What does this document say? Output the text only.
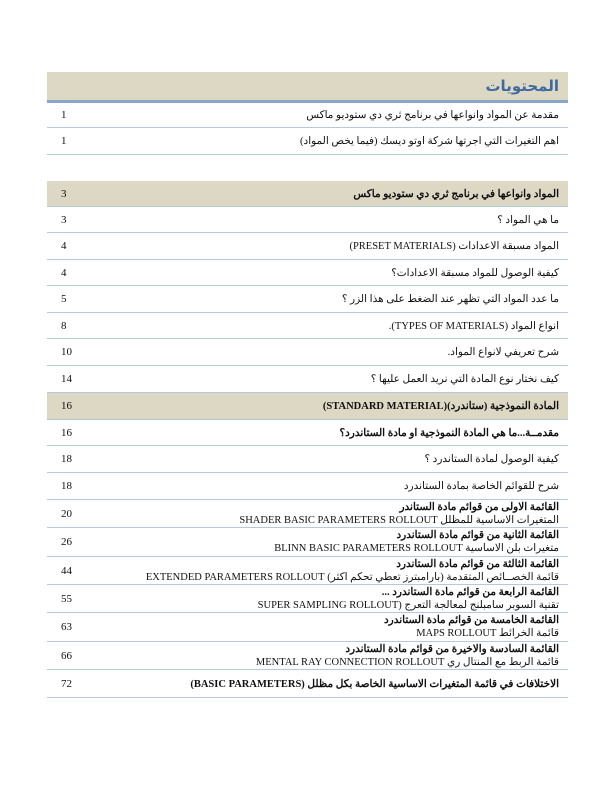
المحتويات
مقدمة عن المواد وانواعها في برنامج ثري دي ستوديو ماكس
1
اهم التغيرات التي اجرتها شركة اوتو ديسك (فيما يخص المواد)
1
المواد وانواعها في برنامج ثري دي ستوديو ماكس
3
ما هي المواد ؟
3
المواد مسبقة الاعدادات (PRESET MATERIALS)
4
كيفية الوصول للمواد مسبقة الاعدادات؟
4
ما عدد المواد التي تظهر عند الضغط على هذا الزر ؟
5
انواع المواد (TYPES OF MATERIALS).
8
شرح تعريفي لانواع المواد.
10
كيف نختار نوع المادة التي نريد العمل عليها ؟
14
المادة النموذجية (ستاندرد)(STANDARD MATERIAL)
16
مقدمــة...ما هي المادة النموذجية او مادة الستاندرد؟
16
كيفية الوصول لمادة الستاندرد ؟
18
شرح للقوائم الخاصة بمادة الستاندرد
18
القائمة الاولى من قوائم مادة الستاندر
المتغيرات الاساسية للمظلل SHADER BASIC PARAMETERS ROLLOUT
20
القائمة الثانية من قوائم مادة الستاندرد
متغيرات بلن الاساسية BLINN BASIC PARAMETERS ROLLOUT
26
القائمة الثالثة من قوائم مادة الستاندرد
قائمة الخصــائص المتقدمة (بارامبترز تعطي تحكم اكثر) EXTENDED PARAMETERS ROLLOUT
44
القائمة الرابعة من قوائم مادة الستاندرد ...
تقنية السوبر سامبلنج لمعالجة التعرج (SUPER SAMPLING ROLLOUT
55
القائمة الخامسة من قوائم مادة الستاندرد
قائمة الخرائط MAPS ROLLOUT
63
القائمة السادسة والاخيرة من قوائم مادة الستاندرد
قائمة الربط مع المنتال ري MENTAL RAY CONNECTION ROLLOUT
66
الاختلافات في قائمة المتغيرات الاساسية الخاصة بكل مظلل (BASIC PARAMETERS)
72
